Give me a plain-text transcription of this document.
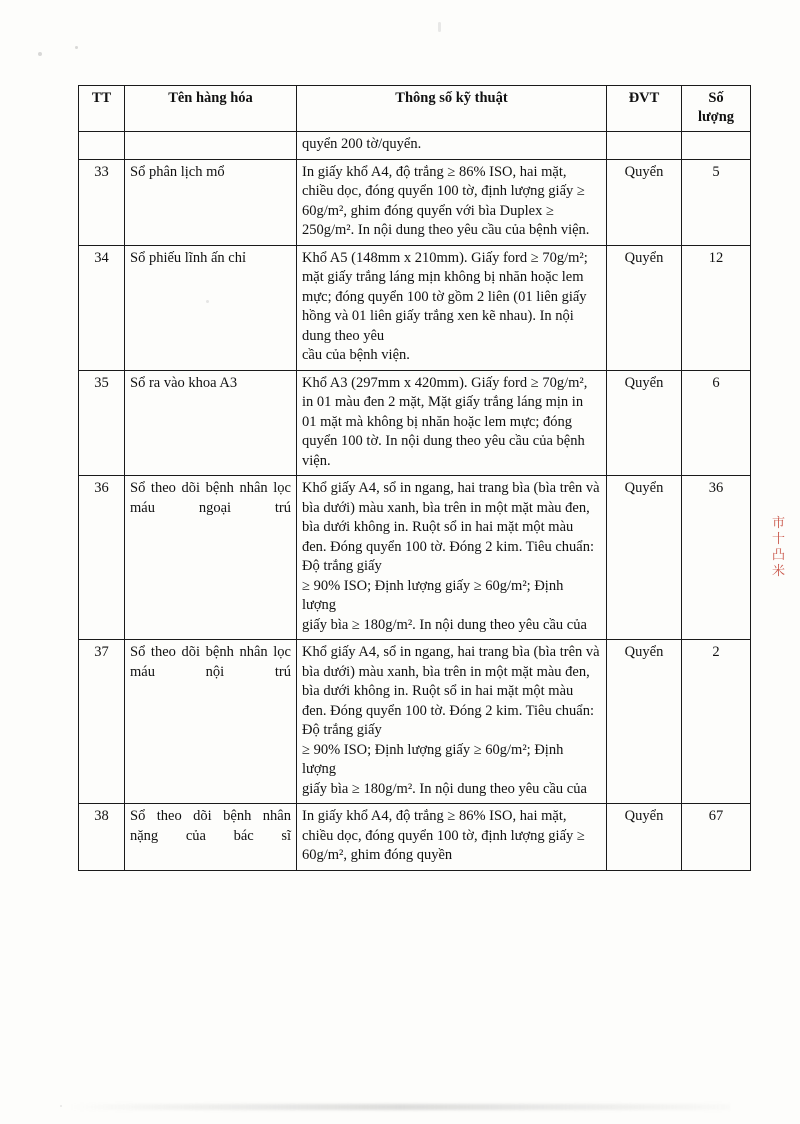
市
十
凸
米
TT	Tên hàng hóa	Thông số kỹ thuật	ĐVT	Số
lượng

		quyển 200 tờ/quyển.		
33	Sổ phân lịch mổ	In giấy khổ A4, độ trắng ≥ 86% ISO, hai mặt, chiều dọc, đóng quyển 100 tờ, định lượng giấy ≥ 60g/m², ghim đóng quyển với bìa Duplex ≥ 250g/m². In nội dung theo yêu cầu của bệnh viện.	Quyển	5
34	Sổ phiếu lĩnh ấn chỉ	Khổ A5 (148mm x 210mm). Giấy ford ≥ 70g/m²; mặt giấy trắng láng mịn không bị nhăn hoặc lem mực; đóng quyển 100 tờ gồm 2 liên (01 liên giấy hồng và 01 liên giấy trắng xen kẽ nhau). In nội dung theo yêu

cầu của bệnh viện.	Quyển	12
35	Sổ ra vào khoa A3	Khổ A3 (297mm x 420mm). Giấy ford ≥ 70g/m², in 01 màu đen 2 mặt, Mặt giấy trắng láng mịn in 01 mặt mà không bị nhăn hoặc lem mực; đóng quyển 100 tờ. In nội dung theo yêu cầu của bệnh viện.	Quyển	6
36	Sổ theo dõi bệnh nhân lọc máu ngoại trú	Khổ giấy A4, sổ in ngang, hai trang bìa (bìa trên và

bìa dưới) màu xanh, bìa trên in một mặt màu đen, bìa dưới không in. Ruột sổ in hai mặt một màu đen. Đóng quyển 100 tờ. Đóng 2 kim. Tiêu chuẩn: Độ trắng giấy

≥ 90% ISO; Định lượng giấy ≥ 60g/m²; Định lượng

giấy bìa ≥ 180g/m². In nội dung theo yêu cầu của	Quyển	36
37	Sổ theo dõi bệnh nhân lọc máu nội trú	Khổ giấy A4, sổ in ngang, hai trang bìa (bìa trên và

bìa dưới) màu xanh, bìa trên in một mặt màu đen, bìa dưới không in. Ruột sổ in hai mặt một màu đen. Đóng quyển 100 tờ. Đóng 2 kim. Tiêu chuẩn: Độ trắng giấy

≥ 90% ISO; Định lượng giấy ≥ 60g/m²; Định lượng

giấy bìa ≥ 180g/m². In nội dung theo yêu cầu của	Quyển	2
38	Sổ theo dõi bệnh nhân nặng của bác sĩ	In giấy khổ A4, độ trắng ≥ 86% ISO, hai mặt, chiều dọc, đóng quyển 100 tờ, định lượng giấy ≥ 60g/m², ghim đóng quyền	Quyển	67
